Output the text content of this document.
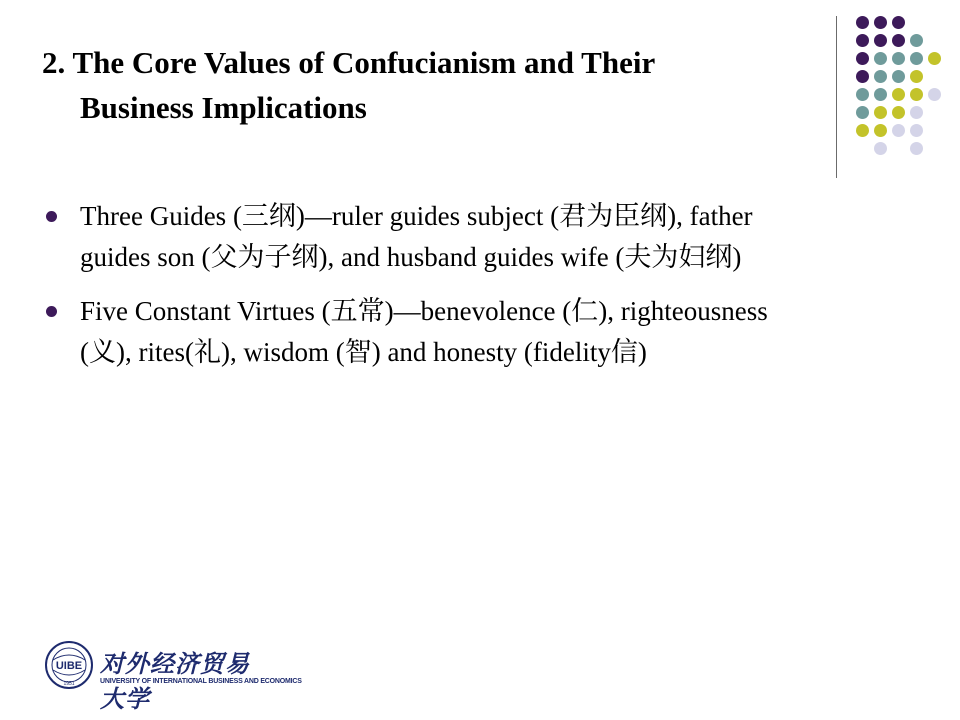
2. The Core Values of Confucianism and Their
Business Implications
Three Guides (三纲)—ruler guides subject (君为臣纲), father guides son (父为子纲), and husband guides wife (夫为妇纲)
Five Constant Virtues (五常)—benevolence (仁), righteousness (义), rites(礼), wisdom (智) and honesty (fidelity信)
UIBE
1951
对外经济贸易大学
UNIVERSITY OF INTERNATIONAL BUSINESS AND ECONOMICS
